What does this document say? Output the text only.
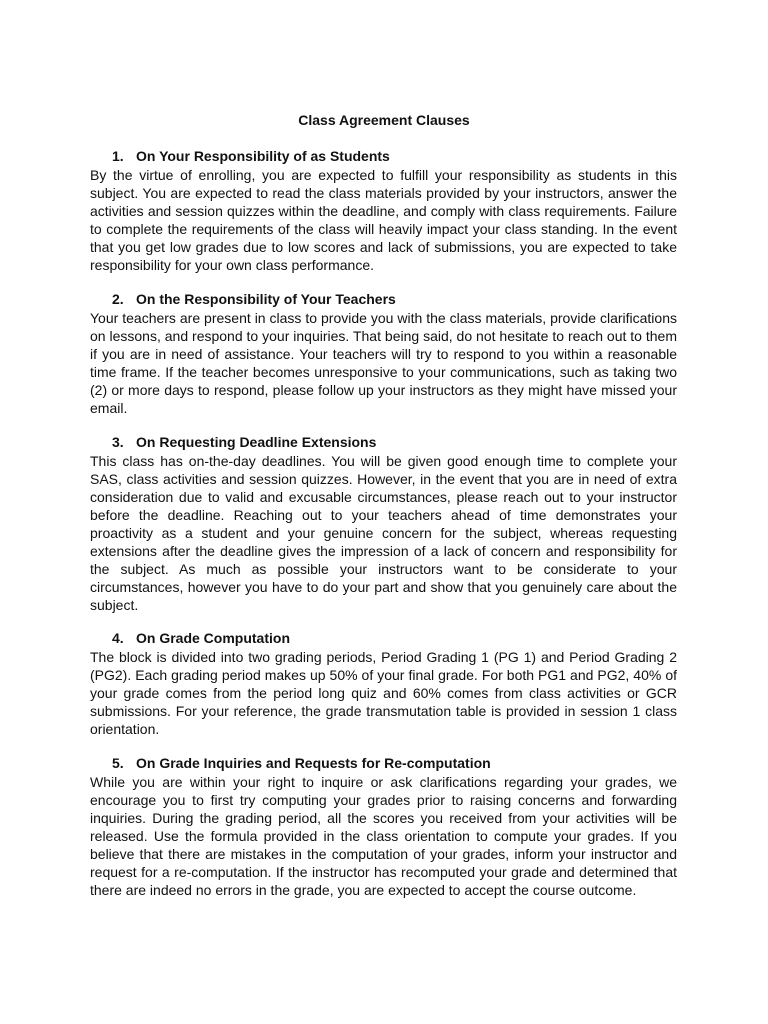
Class Agreement Clauses
1. On Your Responsibility of as Students

By the virtue of enrolling, you are expected to fulfill your responsibility as students in this subject. You are expected to read the class materials provided by your instructors, answer the activities and session quizzes within the deadline, and comply with class requirements. Failure to complete the requirements of the class will heavily impact your class standing. In the event that you get low grades due to low scores and lack of submissions, you are expected to take responsibility for your own class performance.

2. On the Responsibility of Your Teachers

Your teachers are present in class to provide you with the class materials, provide clarifications on lessons, and respond to your inquiries. That being said, do not hesitate to reach out to them if you are in need of assistance. Your teachers will try to respond to you within a reasonable time frame. If the teacher becomes unresponsive to your communications, such as taking two (2) or more days to respond, please follow up your instructors as they might have missed your email.

3. On Requesting Deadline Extensions

This class has on-the-day deadlines. You will be given good enough time to complete your SAS, class activities and session quizzes. However, in the event that you are in need of extra consideration due to valid and excusable circumstances, please reach out to your instructor before the deadline. Reaching out to your teachers ahead of time demonstrates your proactivity as a student and your genuine concern for the subject, whereas requesting extensions after the deadline gives the impression of a lack of concern and responsibility for the subject. As much as possible your instructors want to be considerate to your circumstances, however you have to do your part and show that you genuinely care about the subject.

4. On Grade Computation

The block is divided into two grading periods, Period Grading 1 (PG 1) and Period Grading 2 (PG2). Each grading period makes up 50% of your final grade. For both PG1 and PG2, 40% of your grade comes from the period long quiz and 60% comes from class activities or GCR submissions. For your reference, the grade transmutation table is provided in session 1 class orientation.

5. On Grade Inquiries and Requests for Re-computation

While you are within your right to inquire or ask clarifications regarding your grades, we encourage you to first try computing your grades prior to raising concerns and forwarding inquiries. During the grading period, all the scores you received from your activities will be released. Use the formula provided in the class orientation to compute your grades. If you believe that there are mistakes in the computation of your grades, inform your instructor and request for a re-computation. If the instructor has recomputed your grade and determined that there are indeed no errors in the grade, you are expected to accept the course outcome.
